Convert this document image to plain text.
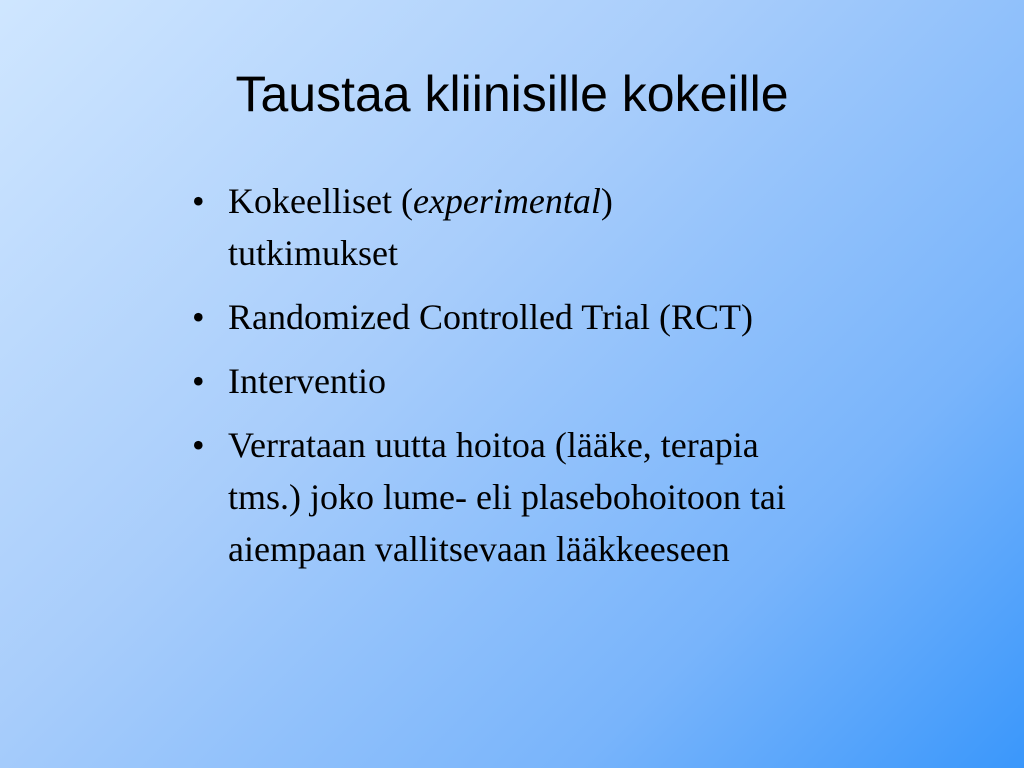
Taustaa kliinisille kokeille
• Kokeelliset (experimental) tutkimukset
• Randomized Controlled Trial (RCT)
• Interventio
• Verrataan uutta hoitoa (lääke, terapia tms.) joko lume- eli plasebohoitoon tai aiempaan vallitsevaan lääkkeeseen
